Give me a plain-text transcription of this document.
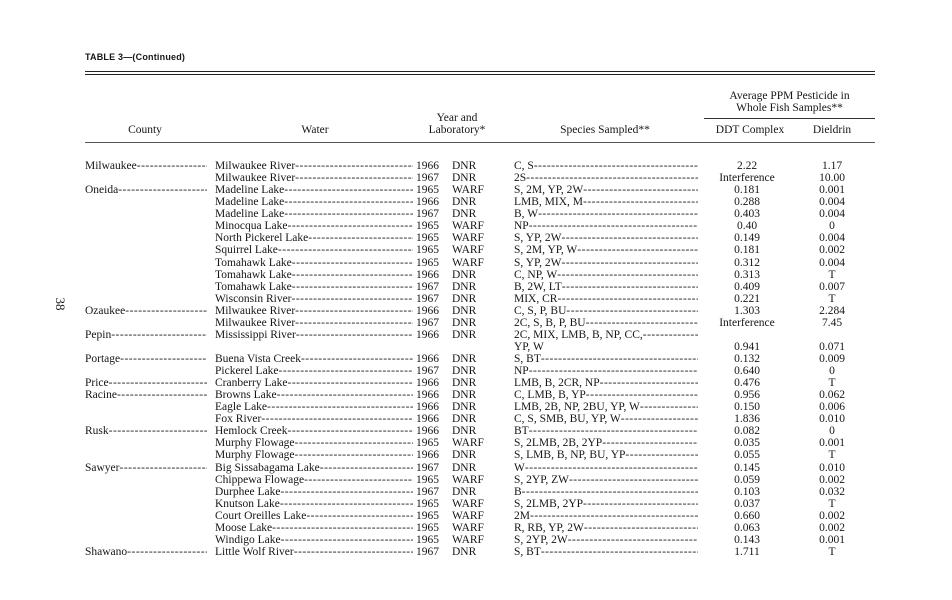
TABLE 3—(Continued)
Average PPM Pesticide in
Whole Fish Samples**
Year and
Laboratory*
County	Water	Species Sampled**	DDT Complex	Dieldrin
38
Milwaukee -----	Milwaukee River -----	1966 DNR	C, S -----	2.22	1.17
Milwaukee River -----	1967 DNR	2S -----	Interference	10.00
Oneida -----	Madeline Lake -----	1965 WARF	S, 2M, YP, 2W -----	0.181	0.001
Madeline Lake -----	1966 DNR	LMB, MIX, M -----	0.288	0.004
Madeline Lake -----	1967 DNR	B, W -----	0.403	0.004
Minocqua Lake -----	1965 WARF	NP -----	0.40	0
North Pickerel Lake -----	1965 WARF	S, YP, 2W -----	0.149	0.004
Squirrel Lake -----	1965 WARF	S, 2M, YP, W -----	0.181	0.002
Tomahawk Lake -----	1965 WARF	S, YP, 2W -----	0.312	0.004
Tomahawk Lake -----	1966 DNR	C, NP, W -----	0.313	T
Tomahawk Lake -----	1967 DNR	B, 2W, LT -----	0.409	0.007
Wisconsin River -----	1967 DNR	MIX, CR -----	0.221	T
Ozaukee -----	Milwaukee River -----	1966 DNR	C, S, P, BU -----	1.303	2.284
Milwaukee River -----	1967 DNR	2C, S, B, P, BU -----	Interference	7.45
Pepin -----	Mississippi River -----	1966 DNR	2C, MIX, LMB, B, NP, CC, -----
YP, W	0.941	0.071
Portage -----	Buena Vista Creek -----	1966 DNR	S, BT -----	0.132	0.009
Pickerel Lake -----	1967 DNR	NP -----	0.640	0
Price -----	Cranberry Lake -----	1966 DNR	LMB, B, 2CR, NP -----	0.476	T
Racine -----	Browns Lake -----	1966 DNR	C, LMB, B, YP -----	0.956	0.062
Eagle Lake -----	1966 DNR	LMB, 2B, NP, 2BU, YP, W -----	0.150	0.006
Fox River -----	1966 DNR	C, S, SMB, BU, YP, W -----	1.836	0.010
Rusk -----	Hemlock Creek -----	1966 DNR	BT -----	0.082	0
Murphy Flowage -----	1965 WARF	S, 2LMB, 2B, 2YP -----	0.035	0.001
Murphy Flowage -----	1966 DNR	S, LMB, B, NP, BU, YP -----	0.055	T
Sawyer -----	Big Sissabagama Lake -----	1967 DNR	W -----	0.145	0.010
Chippewa Flowage -----	1965 WARF	S, 2YP, ZW -----	0.059	0.002
Durphee Lake -----	1967 DNR	B -----	0.103	0.032
Knutson Lake -----	1965 WARF	S, 2LMB, 2YP -----	0.037	T
Court Oreilles Lake -----	1965 WARF	2M -----	0.660	0.002
Moose Lake -----	1965 WARF	R, RB, YP, 2W -----	0.063	0.002
Windigo Lake -----	1965 WARF	S, 2YP, 2W -----	0.143	0.001
Shawano -----	Little Wolf River -----	1967 DNR	S, BT -----	1.711	T
